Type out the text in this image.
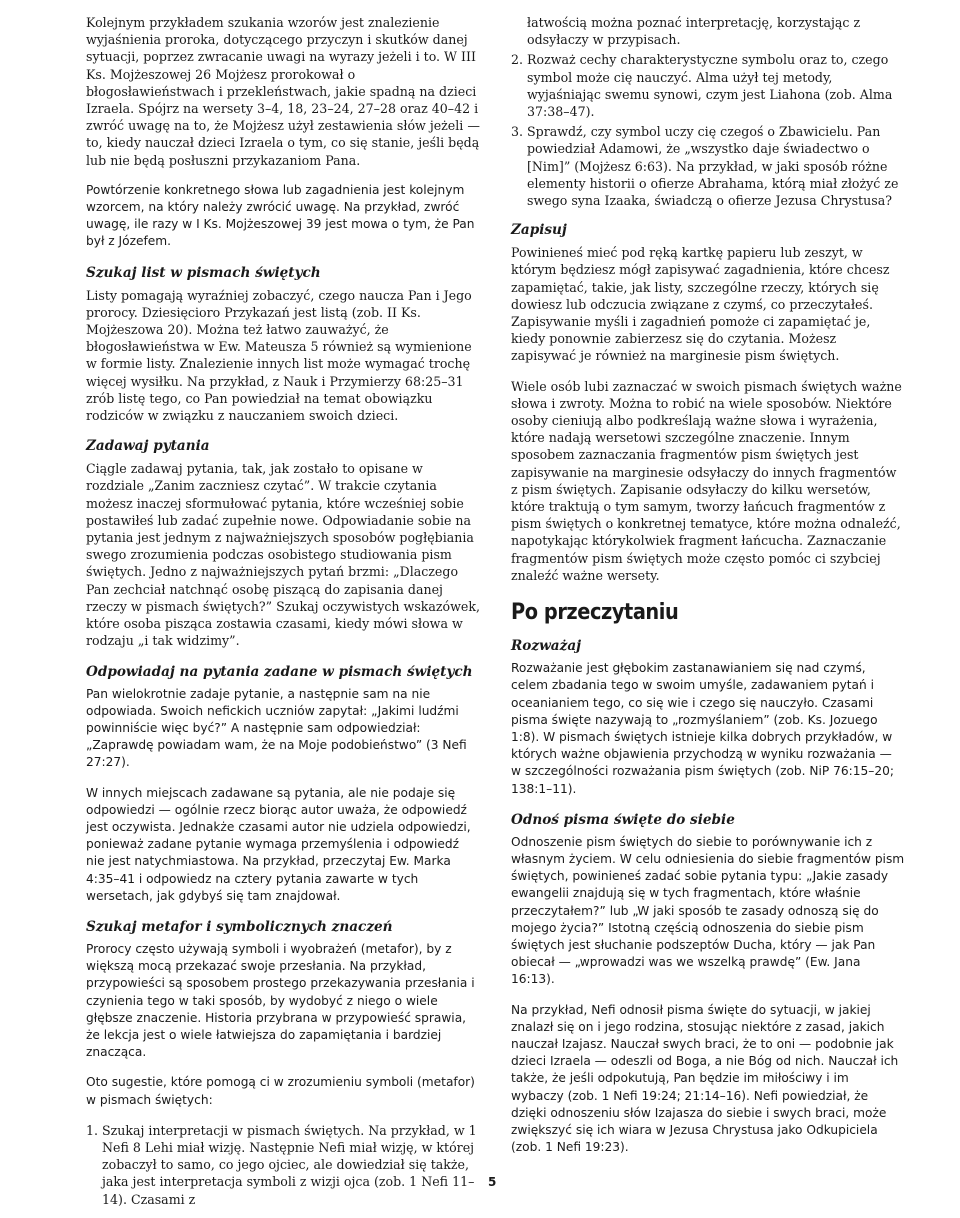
Kolejnym przykładem szukania wzorów jest znalezienie wyjaśnienia proroka, dotyczącego przyczyn i skutków danej sytuacji, poprzez zwracanie uwagi na wyrazy jeżeli i to. W III Ks. Mojżeszowej 26 Mojżesz prorokował o błogosławieństwach i przekleństwach, jakie spadną na dzieci Izraela. Spójrz na wersety 3–4, 18, 23–24, 27–28 oraz 40–42 i zwróć uwagę na to, że Mojżesz użył zestawienia słów jeżeli — to, kiedy nauczał dzieci Izraela o tym, co się stanie, jeśli będą lub nie będą posłuszni przykazaniom Pana.

Powtórzenie konkretnego słowa lub zagadnienia jest kolejnym wzorcem, na który należy zwrócić uwagę. Na przykład, zwróć uwagę, ile razy w I Ks. Mojżeszowej 39 jest mowa o tym, że Pan był z Józefem.

Szukaj list w pismach świętych

Listy pomagają wyraźniej zobaczyć, czego naucza Pan i Jego prorocy. Dziesięcioro Przykazań jest listą (zob. II Ks. Mojżeszowa 20). Można też łatwo zauważyć, że błogosławieństwa w Ew. Mateusza 5 również są wymienione w formie listy. Znalezienie innych list może wymagać trochę więcej wysiłku. Na przykład, z Nauk i Przymierzy 68:25–31 zrób listę tego, co Pan powiedział na temat obowiązku rodziców w związku z nauczaniem swoich dzieci.

Zadawaj pytania

Ciągle zadawaj pytania, tak, jak zostało to opisane w rozdziale „Zanim zaczniesz czytać”. W trakcie czytania możesz inaczej sformułować pytania, które wcześniej sobie postawiłeś lub zadać zupełnie nowe. Odpowiadanie sobie na pytania jest jednym z najważniejszych sposobów pogłębiania swego zrozumienia podczas osobistego studiowania pism świętych. Jedno z najważniejszych pytań brzmi: „Dlaczego Pan zechciał natchnąć osobę piszącą do zapisania danej rzeczy w pismach świętych?” Szukaj oczywistych wskazówek, które osoba pisząca zostawia czasami, kiedy mówi słowa w rodzaju „i tak widzimy”.

Odpowiadaj na pytania zadane w pismach świętych

Pan wielokrotnie zadaje pytanie, a następnie sam na nie odpowiada. Swoich nefickich uczniów zapytał: „Jakimi ludźmi powinniście więc być?” A następnie sam odpowiedział: „Zaprawdę powiadam wam, że na Moje podobieństwo” (3 Nefi 27:27).

W innych miejscach zadawane są pytania, ale nie podaje się odpowiedzi — ogólnie rzecz biorąc autor uważa, że odpowiedź jest oczywista. Jednakże czasami autor nie udziela odpowiedzi, ponieważ zadane pytanie wymaga przemyślenia i odpowiedź nie jest natychmiastowa. Na przykład, przeczytaj Ew. Marka 4:35–41 i odpowiedz na cztery pytania zawarte w tych wersetach, jak gdybyś się tam znajdował.

Szukaj metafor i symbolicznych znaczeń

Prorocy często używają symboli i wyobrażeń (metafor), by z większą mocą przekazać swoje przesłania. Na przykład, przypowieści są sposobem prostego przekazywania przesłania i czynienia tego w taki sposób, by wydobyć z niego o wiele głębsze znaczenie. Historia przybrana w przypowieść sprawia, że lekcja jest o wiele łatwiejsza do zapamiętania i bardziej znacząca.

Oto sugestie, które pomogą ci w zrozumieniu symboli (metafor) w pismach świętych:

1. Szukaj interpretacji w pismach świętych. Na przykład, w 1 Nefi 8 Lehi miał wizję. Następnie Nefi miał wizję, w której zobaczył to samo, co jego ojciec, ale dowiedział się także, jaka jest interpretacja symboli z wizji ojca (zob. 1 Nefi 11–14). Czasami z
łatwością można poznać interpretację, korzystając z odsyłaczy w przypisach.
2. Rozważ cechy charakterystyczne symbolu oraz to, czego symbol może cię nauczyć. Alma użył tej metody, wyjaśniając swemu synowi, czym jest Liahona (zob. Alma 37:38–47).
3. Sprawdź, czy symbol uczy cię czegoś o Zbawicielu. Pan powiedział Adamowi, że „wszystko daje świadectwo o [Nim]” (Mojżesz 6:63). Na przykład, w jaki sposób różne elementy historii o ofierze Abrahama, którą miał złożyć ze swego syna Izaaka, świadczą o ofierze Jezusa Chrystusa?
Zapisuj

Powinieneś mieć pod ręką kartkę papieru lub zeszyt, w którym będziesz mógł zapisywać zagadnienia, które chcesz zapamiętać, takie, jak listy, szczególne rzeczy, których się dowiesz lub odczucia związane z czymś, co przeczytałeś. Zapisywanie myśli i zagadnień pomoże ci zapamiętać je, kiedy ponownie zabierzesz się do czytania. Możesz zapisywać je również na marginesie pism świętych.

Wiele osób lubi zaznaczać w swoich pismach świętych ważne słowa i zwroty. Można to robić na wiele sposobów. Niektóre osoby cieniują albo podkreślają ważne słowa i wyrażenia, które nadają wersetowi szczególne znaczenie. Innym sposobem zaznaczania fragmentów pism świętych jest zapisywanie na marginesie odsyłaczy do innych fragmentów z pism świętych. Zapisanie odsyłaczy do kilku wersetów, które traktują o tym samym, tworzy łańcuch fragmentów z pism świętych o konkretnej tematyce, które można odnaleźć, napotykając którykolwiek fragment łańcucha. Zaznaczanie fragmentów pism świętych może często pomóc ci szybciej znaleźć ważne wersety.

Po przeczytaniu
Rozważaj

Rozważanie jest głębokim zastanawianiem się nad czymś, celem zbadania tego w swoim umyśle, zadawaniem pytań i oceanianiem tego, co się wie i czego się nauczyło. Czasami pisma święte nazywają to „rozmyślaniem” (zob. Ks. Jozuego 1:8). W pismach świętych istnieje kilka dobrych przykładów, w których ważne objawienia przychodzą w wyniku rozważania — w szczególności rozważania pism świętych (zob. NiP 76:15–20; 138:1–11).

Odnoś pisma święte do siebie

Odnoszenie pism świętych do siebie to porównywanie ich z własnym życiem. W celu odniesienia do siebie fragmentów pism świętych, powinieneś zadać sobie pytania typu: „Jakie zasady ewangelii znajdują się w tych fragmentach, które właśnie przeczytałem?” lub „W jaki sposób te zasady odnoszą się do mojego życia?” Istotną częścią odnoszenia do siebie pism świętych jest słuchanie podszeptów Ducha, który — jak Pan obiecał — „wprowadzi was we wszelką prawdę” (Ew. Jana 16:13).

Na przykład, Nefi odnosił pisma święte do sytuacji, w jakiej znalazł się on i jego rodzina, stosując niektóre z zasad, jakich nauczał Izajasz. Nauczał swych braci, że to oni — podobnie jak dzieci Izraela — odeszli od Boga, a nie Bóg od nich. Nauczał ich także, że jeśli odpokutują, Pan będzie im miłościwy i im wybaczy (zob. 1 Nefi 19:24; 21:14–16). Nefi powiedział, że dzięki odnoszeniu słów Izajasza do siebie i swych braci, może zwiększyć się ich wiara w Jezusa Chrystusa jako Odkupiciela (zob. 1 Nefi 19:23).

5
